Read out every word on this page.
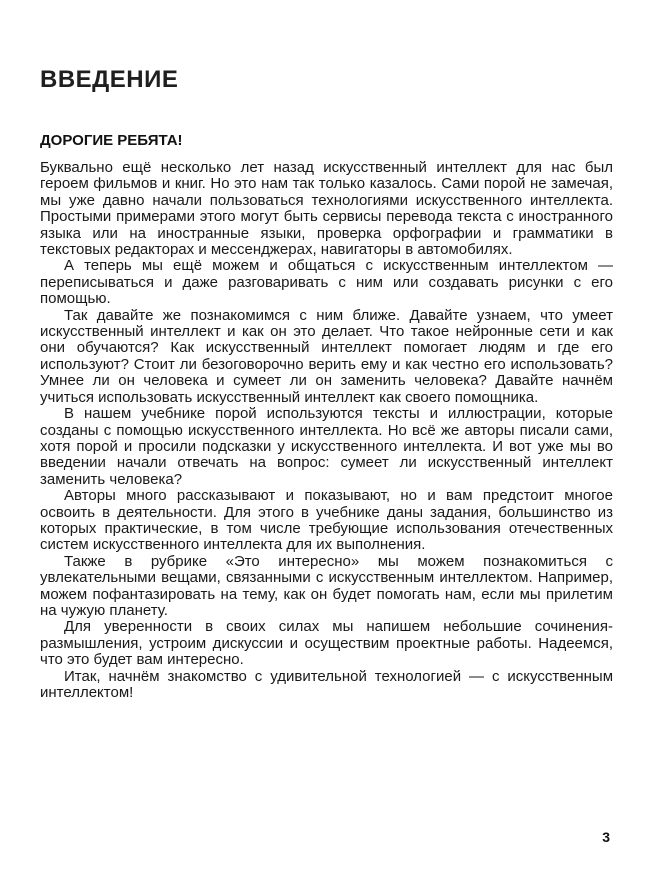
ВВЕДЕНИЕ
ДОРОГИЕ РЕБЯТА!

Буквально ещё несколько лет назад искусственный интеллект для нас был героем фильмов и книг. Но это нам так только казалось. Сами порой не замечая, мы уже давно начали пользоваться технологиями искусственного интеллекта. Простыми примерами этого могут быть сервисы перевода текста с иностранного языка или на иностранные языки, проверка орфографии и грамматики в текстовых редакторах и мессенджерах, навигаторы в автомобилях.

А теперь мы ещё можем и общаться с искусственным интеллектом — переписываться и даже разговаривать с ним или создавать рисунки с его помощью.

Так давайте же познакомимся с ним ближе. Давайте узнаем, что умеет искусственный интеллект и как он это делает. Что такое нейронные сети и как они обучаются? Как искусственный интеллект помогает людям и где его используют? Стоит ли безоговорочно верить ему и как честно его использовать? Умнее ли он человека и сумеет ли он заменить человека? Давайте начнём учиться использовать искусственный интеллект как своего помощника.

В нашем учебнике порой используются тексты и иллюстрации, которые созданы с помощью искусственного интеллекта. Но всё же авторы писали сами, хотя порой и просили подсказки у искусственного интеллекта. И вот уже мы во введении начали отвечать на вопрос: сумеет ли искусственный интеллект заменить человека?

Авторы много рассказывают и показывают, но и вам предстоит многое освоить в деятельности. Для этого в учебнике даны задания, большинство из которых практические, в том числе требующие использования отечественных систем искусственного интеллекта для их выполнения.

Также в рубрике «Это интересно» мы можем познакомиться с увлекательными вещами, связанными с искусственным интеллектом. Например, можем пофантазировать на тему, как он будет помогать нам, если мы прилетим на чужую планету.

Для уверенности в своих силах мы напишем небольшие сочинения-размышления, устроим дискуссии и осуществим проектные работы. Надеемся, что это будет вам интересно.

Итак, начнём знакомство с удивительной технологией — с искусственным интеллектом!

3
